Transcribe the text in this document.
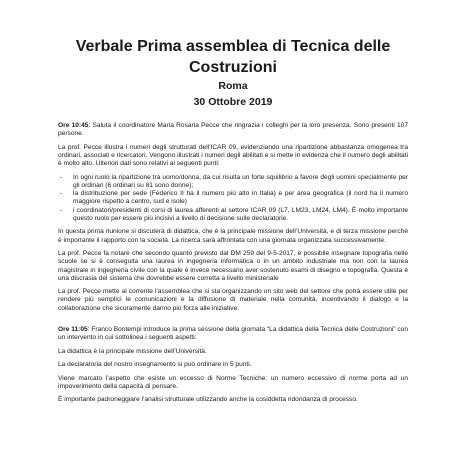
Verbale Prima assemblea di Tecnica delle Costruzioni
Roma
30 Ottobre 2019

Ore 10:45: Saluta il coordinatore Maria Rosaria Pecce che ringrazia i colleghi per la loro presenza. Sono presenti 107 persone.

La prof. Pecce illustra i numeri degli strutturati dell’ICAR 09, evidenziando una ripartizione abbastanza omogenea tra ordinari, associati e ricercatori. Vengono illustrati i numeri degli abilitati e si mette in evidenza che il numero degli abilitati è molto alto. Ulteriori dati sono relativi ai seguenti punti:

- In ogni ruolo la ripartizione tra uomo/donna, da cui risulta un forte squilibrio a favore degli uomini specialmente per gli ordinari (6 ordinari su 81 sono donne);
- la distribuzione per sede (Federico II ha il numero più alto in Italia) e per area geografica (il nord ha il numero maggiore rispetto a centro, sud e isole)
- i coordinatori/presidenti di corsi di laurea afferenti al settore ICAR 09 (L7, LM23, LM24, LM4). È molto importante questo ruolo per essere più incisivi a livello di decisione sulle declaratorie.

In questa prima riunione si discuterà di didattica, che è la principale missione dell’Università, e di terza missione perché è importante il rapporto con la società. La ricerca sarà affrontata con una giornata organizzata successivamente.

La prof. Pecce fa notare che secondo quanto previsto dal DM 259 del 9-5-2017, è possibile insegnare topografia nelle scuole se si è conseguita una laurea in ingegneria informatica o in un ambito industriale ma non con la laurea magistrale in ingegneria civile con la quale è invece necessario aver sostenuto esami di disegno e topografia. Questa è una discrasia del sistema che dovrebbe essere corretta a livello ministeriale

La prof. Pecce mette al corrente l’assemblea che si sta organizzando un sito web del settore che potrà essere utile per rendere più semplici le comunicazioni e la diffusione di materiale nella comunità, incentivando il dialogo e la collaborazione che sicuramente danno più forza alle iniziative.

Ore 11:05: Franco Bontempi introduce la prima sessione della giornata “La didattica della Tecnica delle Costruzioni” con un intervento in cui sottolinea i seguenti aspetti:

La didattica è la principale missione dell’Università.

La declaratoria del nostro insegnamento si può ordinare in 5 punti.

Viene marcato l’aspetto che esiste un eccesso di Norme Tecniche: un numero eccessivo di norme porta ad un impoverimento della capacità di pensare.

È importante padroneggiare l’analisi strutturale utilizzando anche la cosiddetta ridondanza di processo.
